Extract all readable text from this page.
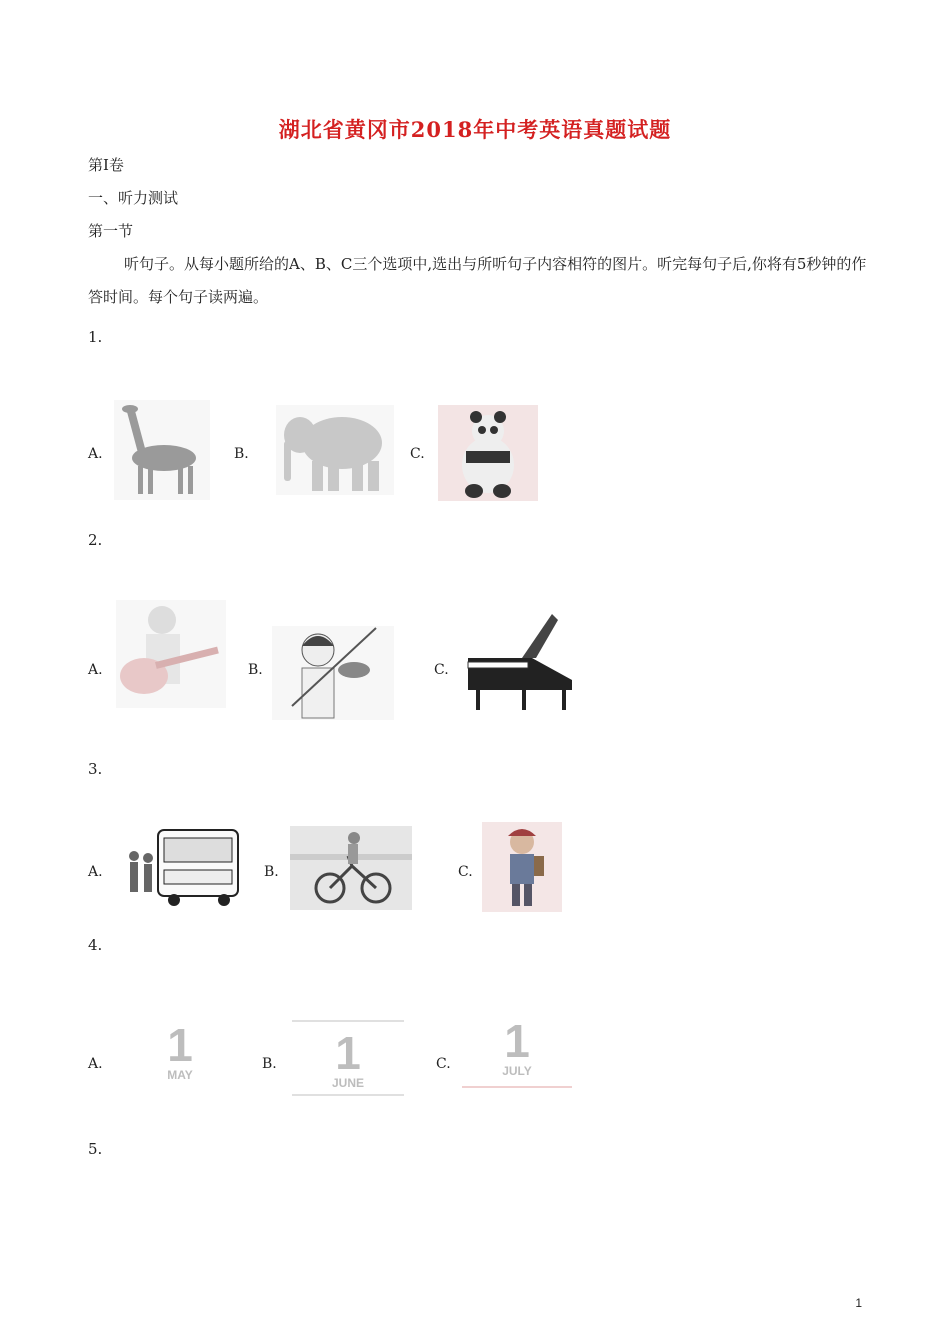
湖北省黄冈市2018年中考英语真题试题
第Ⅰ卷
一、听力测试
第一节
听句子。从每小题所给的A、B、C三个选项中,选出与所听句子内容相符的图片。听完每句子后,你将有5秒钟的作答时间。每个句子读两遍。
1.
A.	B.	C.
2.
A.	B.	C.
3.
A.	B.	C.
4.
A.	1
MAY
B.	1
JUNE
C.	1
JULY
5.
1
